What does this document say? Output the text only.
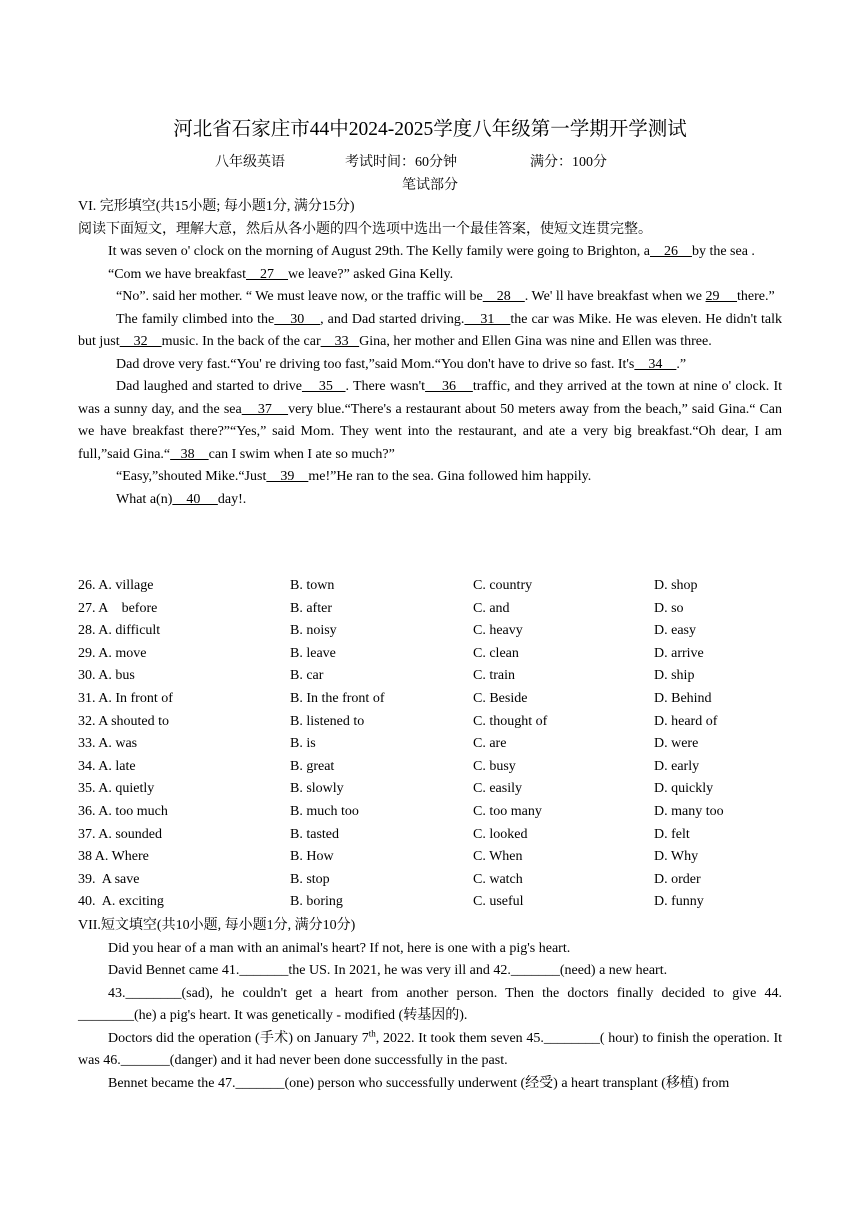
河北省石家庄市44中2024-2025学度八年级第一学期开学测试
八年级英语	考试时间：60分钟	满分：100分
笔试部分

VI. 完形填空(共15小题; 每小题1分, 满分15分)

阅读下面短文，理解大意，然后从各小题的四个选项中选出一个最佳答案，使短文连贯完整。

It was seven o' clock on the morning of August 29th. The Kelly family were going to Brighton, a    26    by the sea .

“Com we have breakfast    27    we leave?” asked Gina Kelly.

“No”. said her mother. “ We must leave now, or the traffic will be    28    . We' ll have breakfast when we 29     there.”

The family climbed into the    30    , and Dad started driving.    31    the car was Mike. He was eleven. He didn't talk but just    32    music. In the back of the car    33   Gina, her mother and Ellen Gina was nine and Ellen was three.

Dad drove very fast.“You' re driving too fast,”said Mom.“You don't have to drive so fast. It's    34    .”

Dad laughed and started to drive    35   . There wasn't    36    traffic, and they arrived at the town at nine o' clock. It was a sunny day, and the sea    37    very blue.“There's a restaurant about 50 meters away from the beach,” said Gina.“ Can we have breakfast there?”“Yes,” said Mom. They went into the restaurant, and ate a very big breakfast.“Oh dear, I am full,”said Gina.“   38    can I swim when I ate so much?”

“Easy,”shouted Mike.“Just    39    me!”He ran to the sea. Gina followed him happily.

What a(n)    40     day!.

26. A. village	B. town	C. country	D. shop
27. A    before	B. after	C. and	D. so
28. A. difficult	B. noisy	C. heavy	D. easy
29. A. move	B. leave	C. clean	D. arrive
30. A. bus	B. car	C. train	D. ship
31. A. In front of	B. In the front of	C. Beside	D. Behind
32. A shouted to	B. listened to	C. thought of	D. heard of
33. A. was	B. is	C. are	D. were
34. A. late	B. great	C. busy	D. early
35. A. quietly	B. slowly	C. easily	D. quickly
36. A. too much	B. much too	C. too many	D. many too
37. A. sounded	B. tasted	C. looked	D. felt
38 A. Where	B. How	C. When	D. Why
39.  A save	B. stop	C. watch	D. order
40.  A. exciting	B. boring	C. useful	D. funny

VII.短文填空(共10小题, 每小题1分, 满分10分)

Did you hear of a man with an animal's heart? If not, here is one with a pig's heart.

David Bennet came 41._______the US. In 2021, he was very ill and 42._______(need) a new heart.

43.________(sad), he couldn't get a heart from another person. Then the doctors finally decided to give 44. ________(he) a pig's heart. It was genetically - modified (转基因的).

Doctors did the operation (手术) on January 7th, 2022. It took them seven 45.________( hour) to finish the operation. It was 46._______(danger) and it had never been done successfully in the past.

Bennet became the 47._______(one) person who successfully underwent (经受) a heart transplant (移植) from
